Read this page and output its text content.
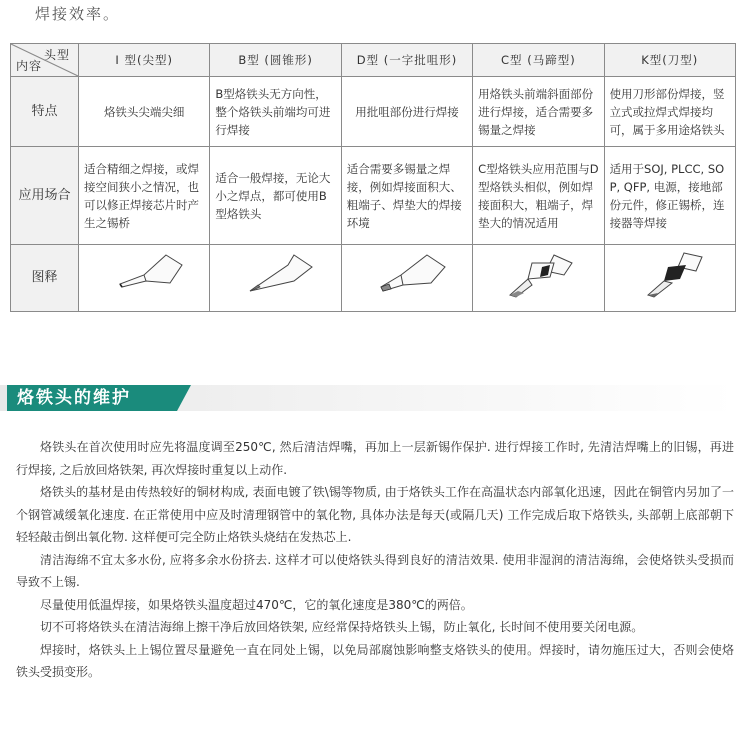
焊接效率。
头型
内容	Ⅰ 型(尖型)	B型 (圆锥形)	D型 (一字批咀形)	C型 (马蹄型)	K型(刀型)
特点	烙铁头尖端尖细	B型烙铁头无方向性，整个烙铁头前端均可进行焊接	用批咀部份进行焊接	用烙铁头前端斜面部份进行焊接，适合需要多锡量之焊接	使用刀形部份焊接，竖立式或拉焊式焊接均可，属于多用途烙铁头
应用场合	适合精细之焊接，或焊接空间狭小之情况，也可以修正焊接芯片时产生之锡桥	适合一般焊接，无论大小之焊点，都可使用B型烙铁头	适合需要多锡量之焊接，例如焊接面积大、粗端子、焊垫大的焊接环境	C型烙铁头应用范围与D型烙铁头相似，例如焊接面积大，粗端子，焊垫大的情况适用	适用于SOJ, PLCC, SOP, QFP, 电源，接地部份元件，修正锡桥，连接器等焊接
图释					
烙铁头的维护

烙铁头在首次使用时应先将温度调至250℃, 然后清洁焊嘴，再加上一层新锡作保护. 进行焊接工作时, 先清洁焊嘴上的旧锡，再进行焊接, 之后放回烙铁架, 再次焊接时重复以上动作.

烙铁头的基材是由传热较好的铜材构成, 表面电镀了铁\锡等物质, 由于烙铁头工作在高温状态内部氧化迅速，因此在铜管内另加了一个钢管减缓氧化速度. 在正常使用中应及时清理钢管中的氧化物, 具体办法是每天(或隔几天) 工作完成后取下烙铁头, 头部朝上底部朝下轻轻敲击倒出氧化物. 这样便可完全防止烙铁头烧结在发热芯上.

清洁海绵不宜太多水份, 应将多余水份挤去. 这样才可以使烙铁头得到良好的清洁效果. 使用非湿润的清洁海绵，会使烙铁头受损而导致不上锡.

尽量使用低温焊接，如果烙铁头温度超过470℃，它的氧化速度是380℃的两倍。

切不可将烙铁头在清洁海绵上擦干净后放回烙铁架, 应经常保持烙铁头上锡，防止氧化, 长时间不使用要关闭电源。

焊接时，烙铁头上上锡位置尽量避免一直在同处上锡，以免局部腐蚀影响整支烙铁头的使用。焊接时，请勿施压过大，否则会使烙铁头受损变形。
